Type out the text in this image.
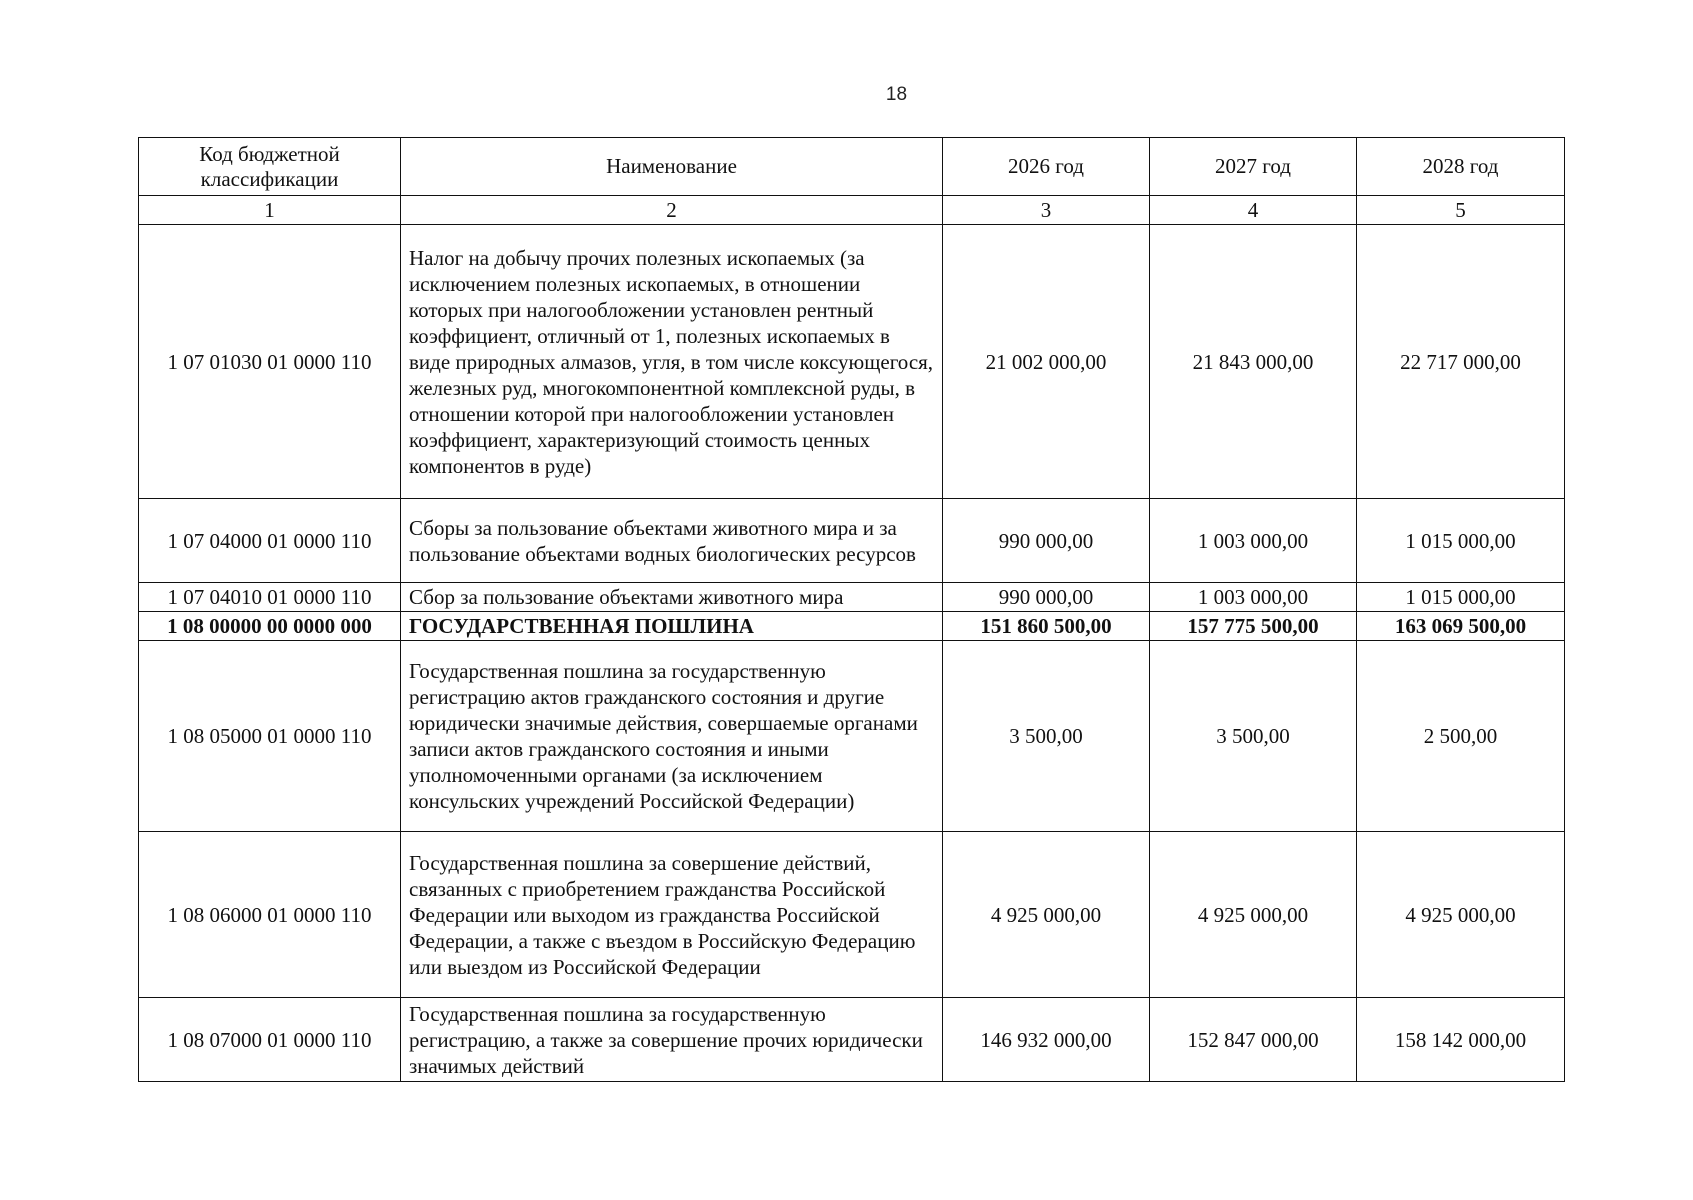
18
Код бюджетной классификации	Наименование	2026 год	2027 год	2028 год
1	2	3	4	5
1 07 01030 01 0000 110	Налог на добычу прочих полезных ископаемых (за исключением полезных ископаемых, в отношении которых при налогообложении установлен рентный коэффициент, отличный от 1, полезных ископаемых в виде природных алмазов, угля, в том числе коксующегося, железных руд, многокомпонентной комплексной руды, в отношении которой при налогообложении установлен коэффициент, характеризующий стоимость ценных компонентов в руде)	21 002 000,00	21 843 000,00	22 717 000,00
1 07 04000 01 0000 110	Сборы за пользование объектами животного мира и за пользование объектами водных биологических ресурсов	990 000,00	1 003 000,00	1 015 000,00
1 07 04010 01 0000 110	Сбор за пользование объектами животного мира	990 000,00	1 003 000,00	1 015 000,00
1 08 00000 00 0000 000	ГОСУДАРСТВЕННАЯ ПОШЛИНА	151 860 500,00	157 775 500,00	163 069 500,00
1 08 05000 01 0000 110	Государственная пошлина за государственную регистрацию актов гражданского состояния и другие юридически значимые действия, совершаемые органами записи актов гражданского состояния и иными уполномоченными органами (за исключением консульских учреждений Российской Федерации)	3 500,00	3 500,00	2 500,00
1 08 06000 01 0000 110	Государственная пошлина за совершение действий, связанных с приобретением гражданства Российской Федерации или выходом из гражданства Российской Федерации, а также с въездом в Российскую Федерацию или выездом из Российской Федерации	4 925 000,00	4 925 000,00	4 925 000,00
1 08 07000 01 0000 110	Государственная пошлина за государственную регистрацию, а также за совершение прочих юридически значимых действий	146 932 000,00	152 847 000,00	158 142 000,00
